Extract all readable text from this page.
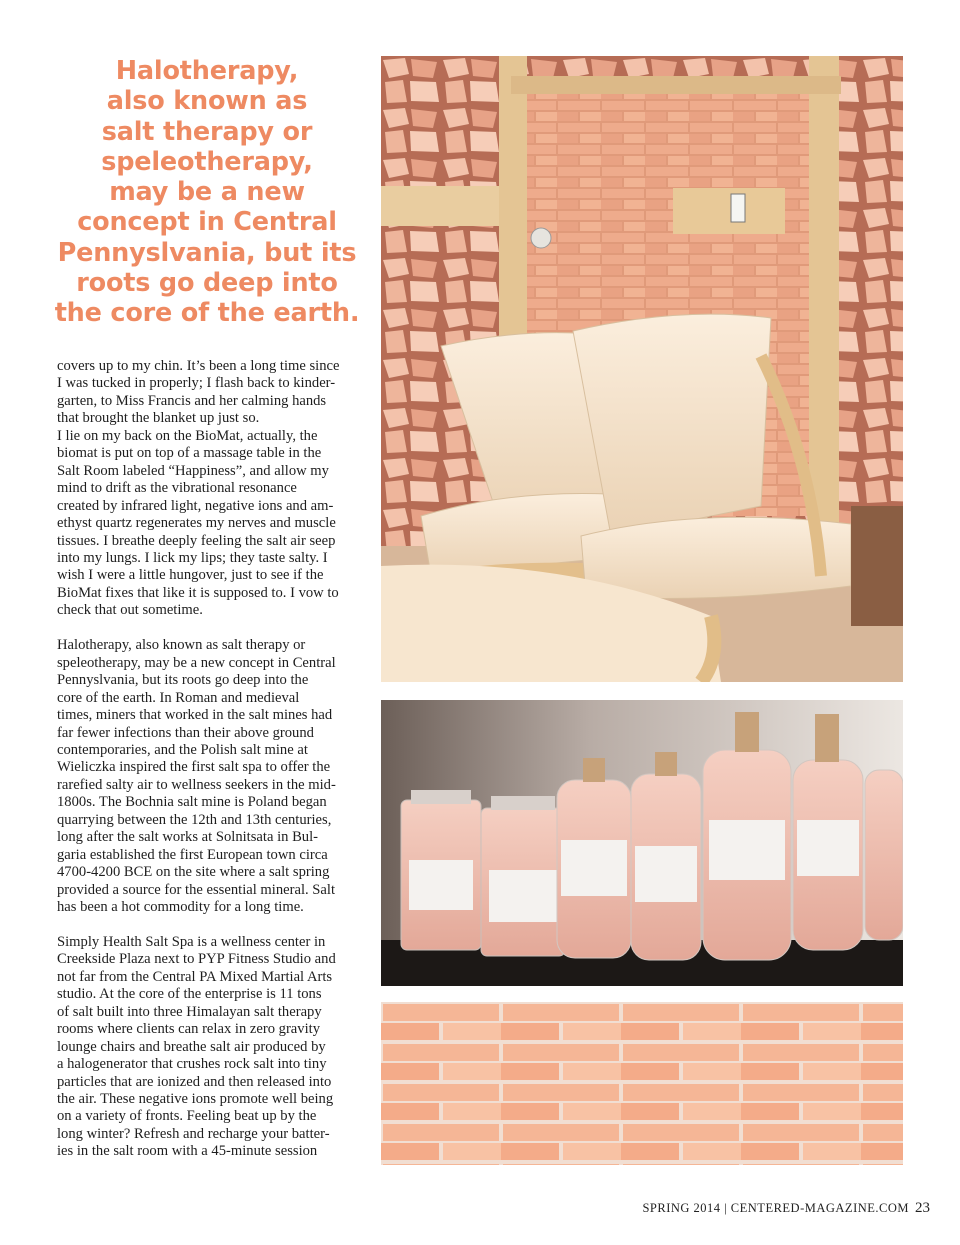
Halotherapy,
also known as
salt therapy or
speleotherapy,
may be a new
concept in Central
Pennyslvania, but its
roots go deep into
the core of the earth.
covers up to my chin. It’s been a long time since
I was tucked in properly; I flash back to kinder-
garten, to Miss Francis and her calming hands
that brought the blanket up just so.
I lie on my back on the BioMat, actually, the
biomat is put on top of a massage table in the
Salt Room labeled “Happiness”, and allow my
mind to drift as the vibrational resonance
created by infrared light, negative ions and am-
ethyst quartz regenerates my nerves and muscle
tissues. I breathe deeply feeling the salt air seep
into my lungs. I lick my lips; they taste salty. I
wish I were a little hungover, just to see if the
BioMat fixes that like it is supposed to. I vow to
check that out sometime.
Halotherapy, also known as salt therapy or
speleotherapy, may be a new concept in Central
Pennyslvania, but its roots go deep into the
core of the earth. In Roman and medieval
times, miners that worked in the salt mines had
far fewer infections than their above ground
contemporaries, and the Polish salt mine at
Wieliczka inspired the first salt spa to offer the
rarefied salty air to wellness seekers in the mid-
1800s. The Bochnia salt mine is Poland began
quarrying between the 12th and 13th centuries,
long after the salt works at Solnitsata in Bul-
garia established the first European town circa
4700-4200 BCE on the site where a salt spring
provided a source for the essential mineral. Salt
has been a hot commodity for a long time.
Simply Health Salt Spa is a wellness center in
Creekside Plaza next to PYP Fitness Studio and
not far from the Central PA Mixed Martial Arts
studio. At the core of the enterprise is 11 tons
of salt built into three Himalayan salt therapy
rooms where clients can relax in zero gravity
lounge chairs and breathe salt air produced by
a halogenerator that crushes rock salt into tiny
particles that are ionized and then released into
the air. These negative ions promote well being
on a variety of fronts. Feeling beat up by the
long winter? Refresh and recharge your batter-
ies in the salt room with a 45-minute session
SPRING 2014 | CENTERED-MAGAZINE.COM 23
